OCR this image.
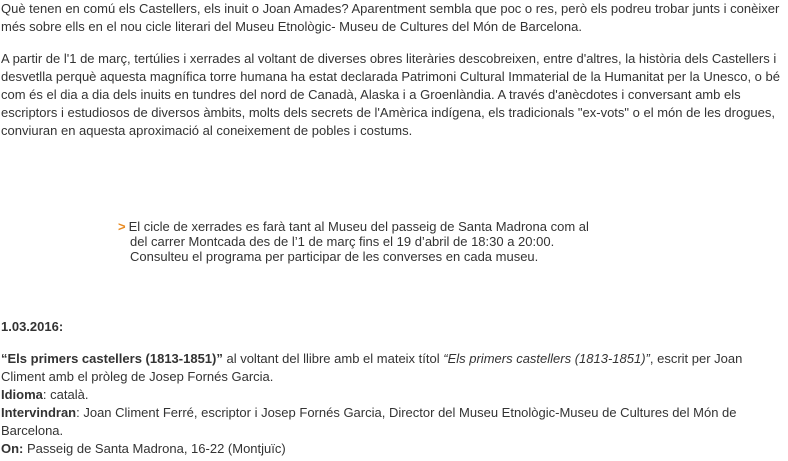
Què tenen en comú els Castellers, els inuit o Joan Amades? Aparentment sembla que poc o res, però els podreu trobar junts i conèixer més sobre ells en el nou cicle literari del Museu Etnològic- Museu de Cultures del Món de Barcelona.

A partir de l'1 de març, tertúlies i xerrades al voltant de diverses obres literàries descobreixen, entre d'altres, la història dels Castellers i desvetlla perquè aquesta magnífica torre humana ha estat declarada Patrimoni Cultural Immaterial de la Humanitat per la Unesco, o bé com és el dia a dia dels inuits en tundres del nord de Canadà, Alaska i a Groenlàndia. A través d'anècdotes i conversant amb els escriptors i estudiosos de diversos àmbits, molts dels secrets de l'Amèrica indígena, els tradicionals "ex-vots" o el món de les drogues, conviuran en aquesta aproximació al coneixement de pobles i costums.

> El cicle de xerrades es farà tant al Museu del passeig de Santa Madrona com al
del carrer Montcada des de l’1 de març fins el 19 d’abril de 18:30 a 20:00.
Consulteu el programa per participar de les converses en cada museu.

1.03.2016:

“Els primers castellers (1813-1851)” al voltant del llibre amb el mateix títol “Els primers castellers (1813-1851)”, escrit per Joan Climent amb el pròleg de Josep Fornés Garcia.

Idioma: català.

Intervindran: Joan Climent Ferré, escriptor i Josep Fornés Garcia, Director del Museu Etnològic-Museu de Cultures del Món de Barcelona.

On: Passeig de Santa Madrona, 16-22 (Montjuïc)
